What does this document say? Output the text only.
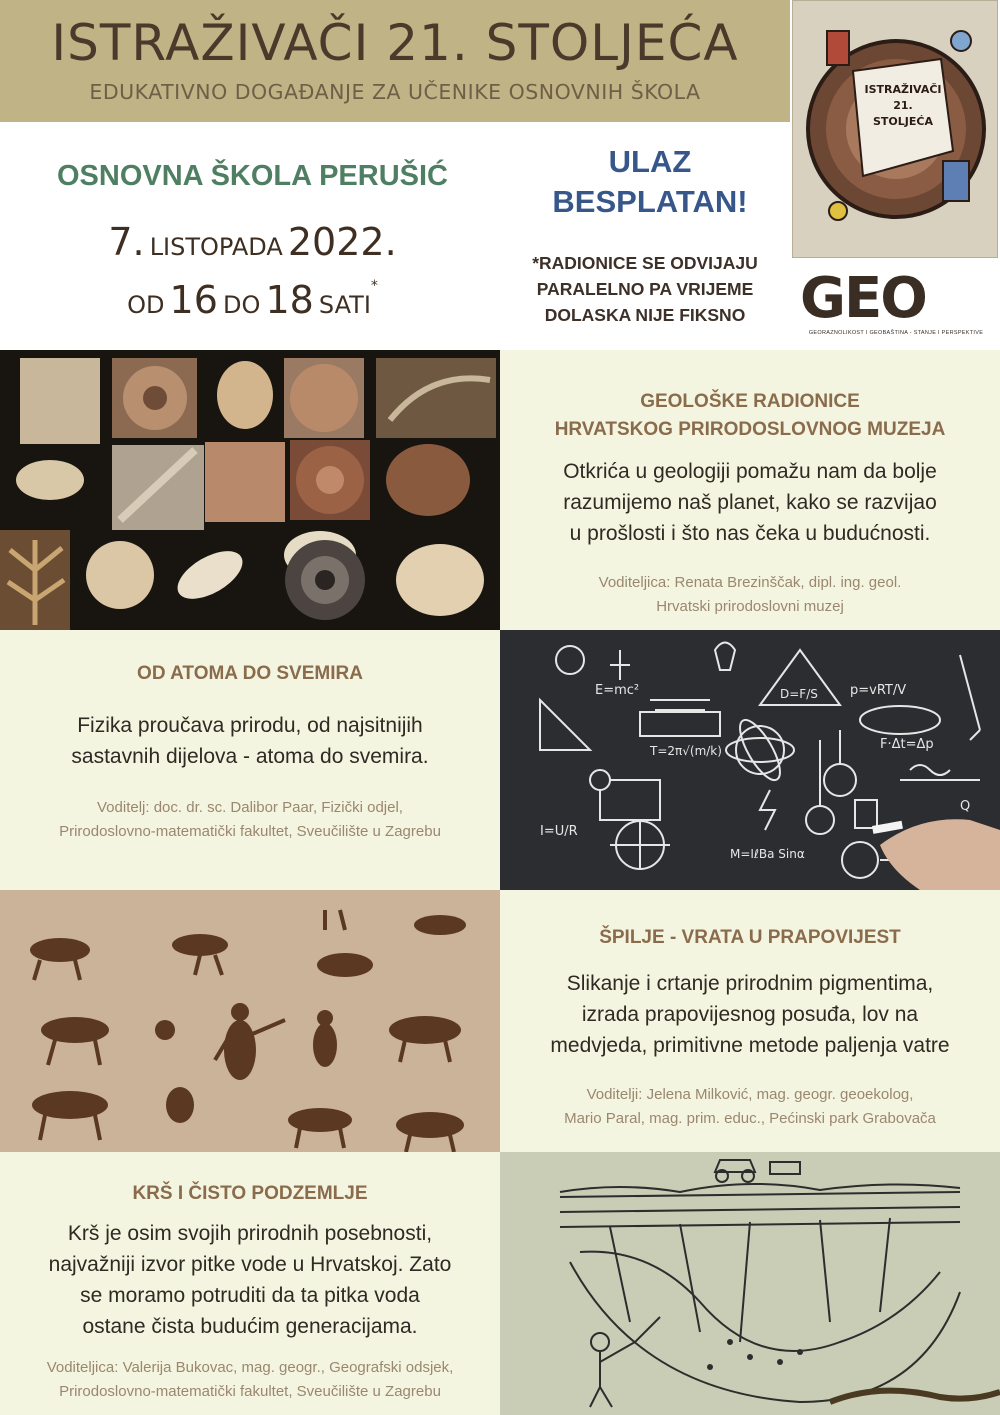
ISTRAŽIVAČI 21. STOLJEĆA
EDUKATIVNO DOGAĐANJE ZA UČENIKE OSNOVNIH ŠKOLA
OSNOVNA ŠKOLA PERUŠIĆ
7. LISTOPADA 2022.
OD 16 DO 18 SATI*
ULAZ
BESPLATAN!
*RADIONICE SE ODVIJAJU
PARALELNO PA VRIJEME
DOLASKA NIJE FIKSNO
ISTRAŽIVAČI
21.
STOLJEĆA
GEO
GEORAZNOLIKOST I GEOBAŠTINA - STANJE I PERSPEKTIVE
GEOLOŠKE RADIONICE
HRVATSKOG PRIRODOSLOVNOG MUZEJA
Otkrića u geologiji pomažu nam da bolje
razumijemo naš planet, kako se razvijao
u prošlosti i što nas čeka u budućnosti.
Voditeljica: Renata Brezinščak, dipl. ing. geol.
Hrvatski prirodoslovni muzej
OD ATOMA DO SVEMIRA
Fizika proučava prirodu, od najsitnijih
sastavnih dijelova - atoma do svemira.
Voditelj: doc. dr. sc. Dalibor Paar, Fizički odjel,
Prirodoslovno-matematički fakultet, Sveučilište u Zagrebu
E=mc²
T=2π√(m/k)
D=F/S p=vRT/V
F·Δt=Δp
I=U/R
M=IℓBa Sinα
Q
ŠPILJE - VRATA U PRAPOVIJEST
Slikanje i crtanje prirodnim pigmentima,
izrada prapovijesnog posuđa, lov na
medvjeda, primitivne metode paljenja vatre
Voditelji: Jelena Milković, mag. geogr. geoekolog,
Mario Paral, mag. prim. educ., Pećinski park Grabovača
KRŠ I ČISTO PODZEMLJE
Krš je osim svojih prirodnih posebnosti,
najvažniji izvor pitke vode u Hrvatskoj. Zato
se moramo potruditi da ta pitka voda
ostane čista budućim generacijama.
Voditeljica: Valerija Bukovac, mag. geogr., Geografski odsjek,
Prirodoslovno-matematički fakultet, Sveučilište u Zagrebu
